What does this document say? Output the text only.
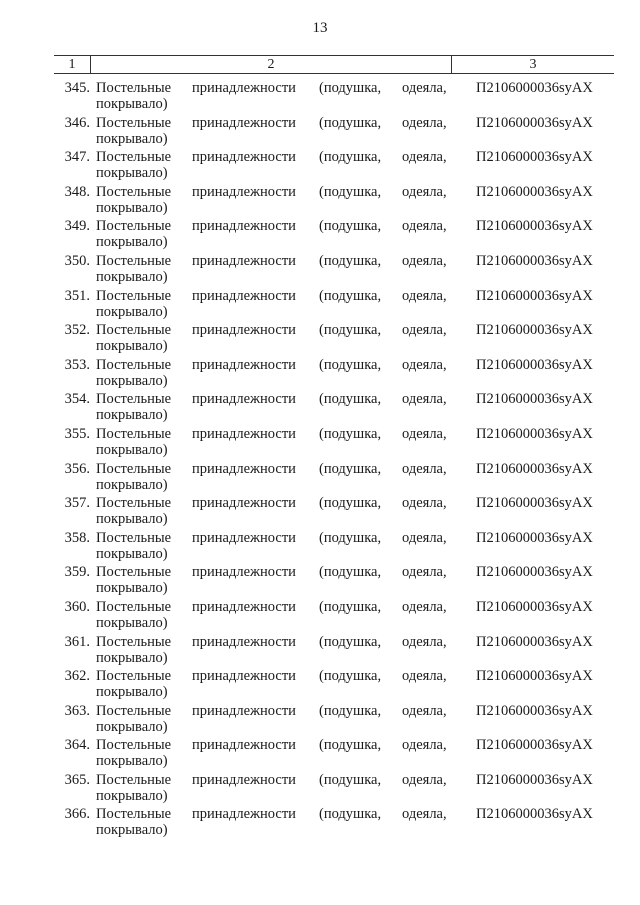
13
1	2	3
345. Постельные принадлежности (подушка, одеяла,
покрывало)
П2106000036syAX
346. Постельные принадлежности (подушка, одеяла,
покрывало)
П2106000036syAX
347. Постельные принадлежности (подушка, одеяла,
покрывало)
П2106000036syAX
348. Постельные принадлежности (подушка, одеяла,
покрывало)
П2106000036syAX
349. Постельные принадлежности (подушка, одеяла,
покрывало)
П2106000036syAX
350. Постельные принадлежности (подушка, одеяла,
покрывало)
П2106000036syAX
351. Постельные принадлежности (подушка, одеяла,
покрывало)
П2106000036syAX
352. Постельные принадлежности (подушка, одеяла,
покрывало)
П2106000036syAX
353. Постельные принадлежности (подушка, одеяла,
покрывало)
П2106000036syAX
354. Постельные принадлежности (подушка, одеяла,
покрывало)
П2106000036syAX
355. Постельные принадлежности (подушка, одеяла,
покрывало)
П2106000036syAX
356. Постельные принадлежности (подушка, одеяла,
покрывало)
П2106000036syAX
357. Постельные принадлежности (подушка, одеяла,
покрывало)
П2106000036syAX
358. Постельные принадлежности (подушка, одеяла,
покрывало)
П2106000036syAX
359. Постельные принадлежности (подушка, одеяла,
покрывало)
П2106000036syAX
360. Постельные принадлежности (подушка, одеяла,
покрывало)
П2106000036syAX
361. Постельные принадлежности (подушка, одеяла,
покрывало)
П2106000036syAX
362. Постельные принадлежности (подушка, одеяла,
покрывало)
П2106000036syAX
363. Постельные принадлежности (подушка, одеяла,
покрывало)
П2106000036syAX
364. Постельные принадлежности (подушка, одеяла,
покрывало)
П2106000036syAX
365. Постельные принадлежности (подушка, одеяла,
покрывало)
П2106000036syAX
366. Постельные принадлежности (подушка, одеяла,
покрывало)
П2106000036syAX
